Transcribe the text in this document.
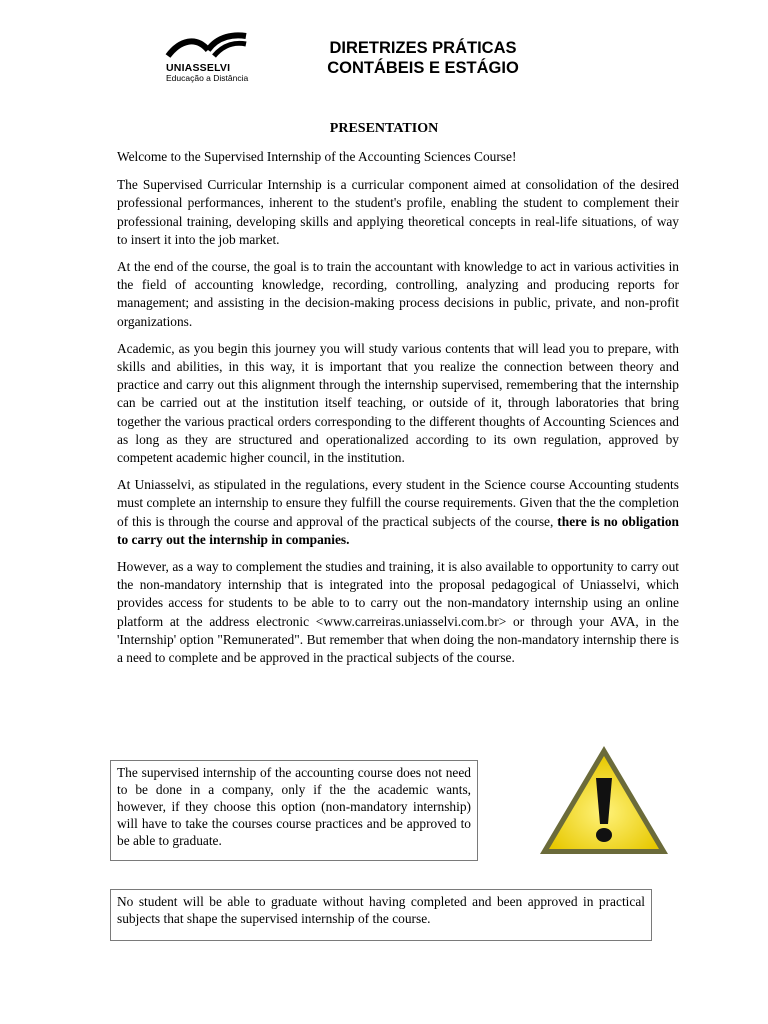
UNIASSELVI
Educação a Distância
DIRETRIZES PRÁTICAS
CONTÁBEIS E ESTÁGIO
PRESENTATION

Welcome to the Supervised Internship of the Accounting Sciences Course!

The Supervised Curricular Internship is a curricular component aimed at consolidation of the desired professional performances, inherent to the student's profile, enabling the student to complement their professional training, developing skills and applying theoretical concepts in real-life situations, of way to insert it into the job market.

At the end of the course, the goal is to train the accountant with knowledge to act in various activities in the field of accounting knowledge, recording, controlling, analyzing and producing reports for management; and assisting in the decision-making process decisions in public, private, and non-profit organizations.

Academic, as you begin this journey you will study various contents that will lead you to prepare, with skills and abilities, in this way, it is important that you realize the connection between theory and practice and carry out this alignment through the internship supervised, remembering that the internship can be carried out at the institution itself teaching, or outside of it, through laboratories that bring together the various practical orders corresponding to the different thoughts of Accounting Sciences and as long as they are structured and operationalized according to its own regulation, approved by competent academic higher council, in the institution.

At Uniasselvi, as stipulated in the regulations, every student in the Science course Accounting students must complete an internship to ensure they fulfill the course requirements. Given that the the completion of this is through the course and approval of the practical subjects of the course, there is no obligation to carry out the internship in companies.

However, as a way to complement the studies and training, it is also available to opportunity to carry out the non-mandatory internship that is integrated into the proposal pedagogical of Uniasselvi, which provides access for students to be able to to carry out the non-mandatory internship using an online platform at the address electronic <www.carreiras.uniasselvi.com.br> or through your AVA, in the 'Internship' option "Remunerated". But remember that when doing the non-mandatory internship there is a need to complete and be approved in the practical subjects of the course.

The supervised internship of the accounting course does not need to be done in a company, only if the the academic wants, however, if they choose this option (non-mandatory internship) will have to take the courses course practices and be approved to be able to graduate.
No student will be able to graduate without having completed and been approved in practical subjects that shape the supervised internship of the course.
